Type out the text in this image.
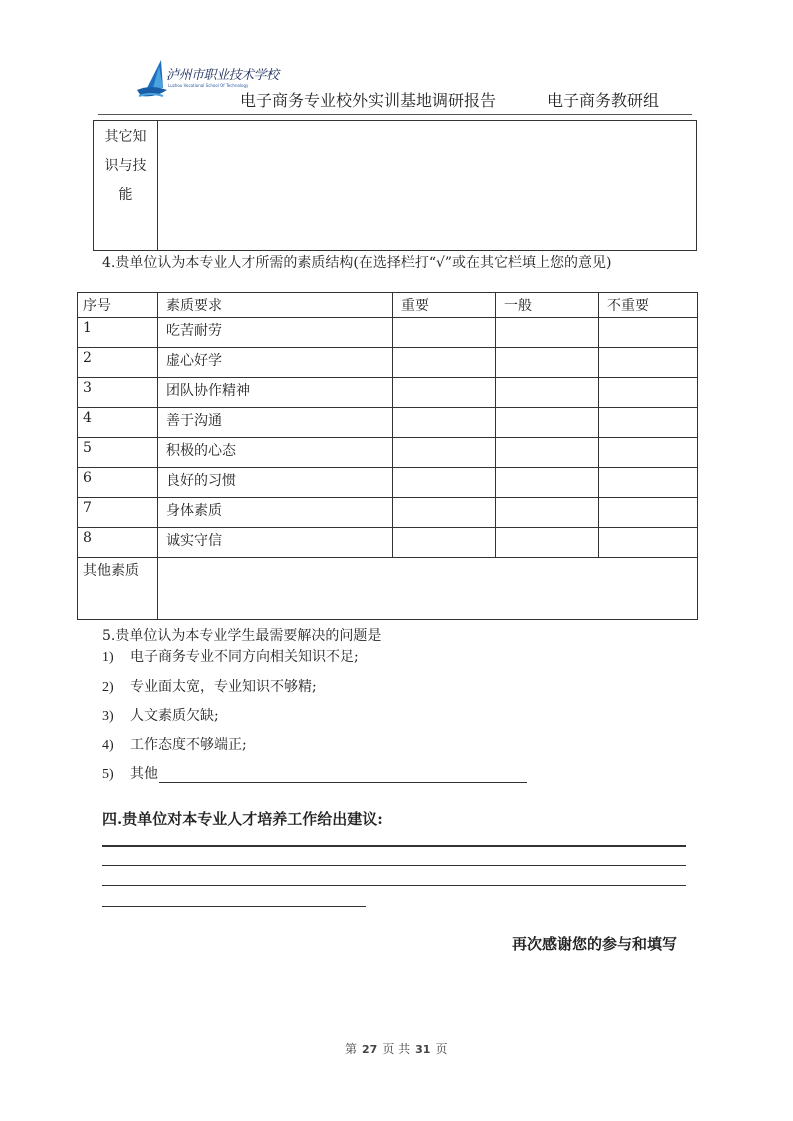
泸州市职业技术学校
Luzhou Vocational School Of Technology
电子商务专业校外实训基地调研报告	电子商务教研组
其它知
识与技
能
4.贵单位认为本专业人才所需的素质结构(在选择栏打“√”或在其它栏填上您的意见)
序号	素质要求	重要	一般	不重要
1	吃苦耐劳			
2	虚心好学			
3	团队协作精神			
4	善于沟通			
5	积极的心态			
6	良好的习惯			
7	身体素质			
8	诚实守信			
其他素质				
5.贵单位认为本专业学生最需要解决的问题是
1) 电子商务专业不同方向相关知识不足;
2) 专业面太宽，专业知识不够精;
3) 人文素质欠缺;
4) 工作态度不够端正;
5) 其他
四.贵单位对本专业人才培养工作给出建议:
再次感谢您的参与和填写
第 27 页 共 31 页
